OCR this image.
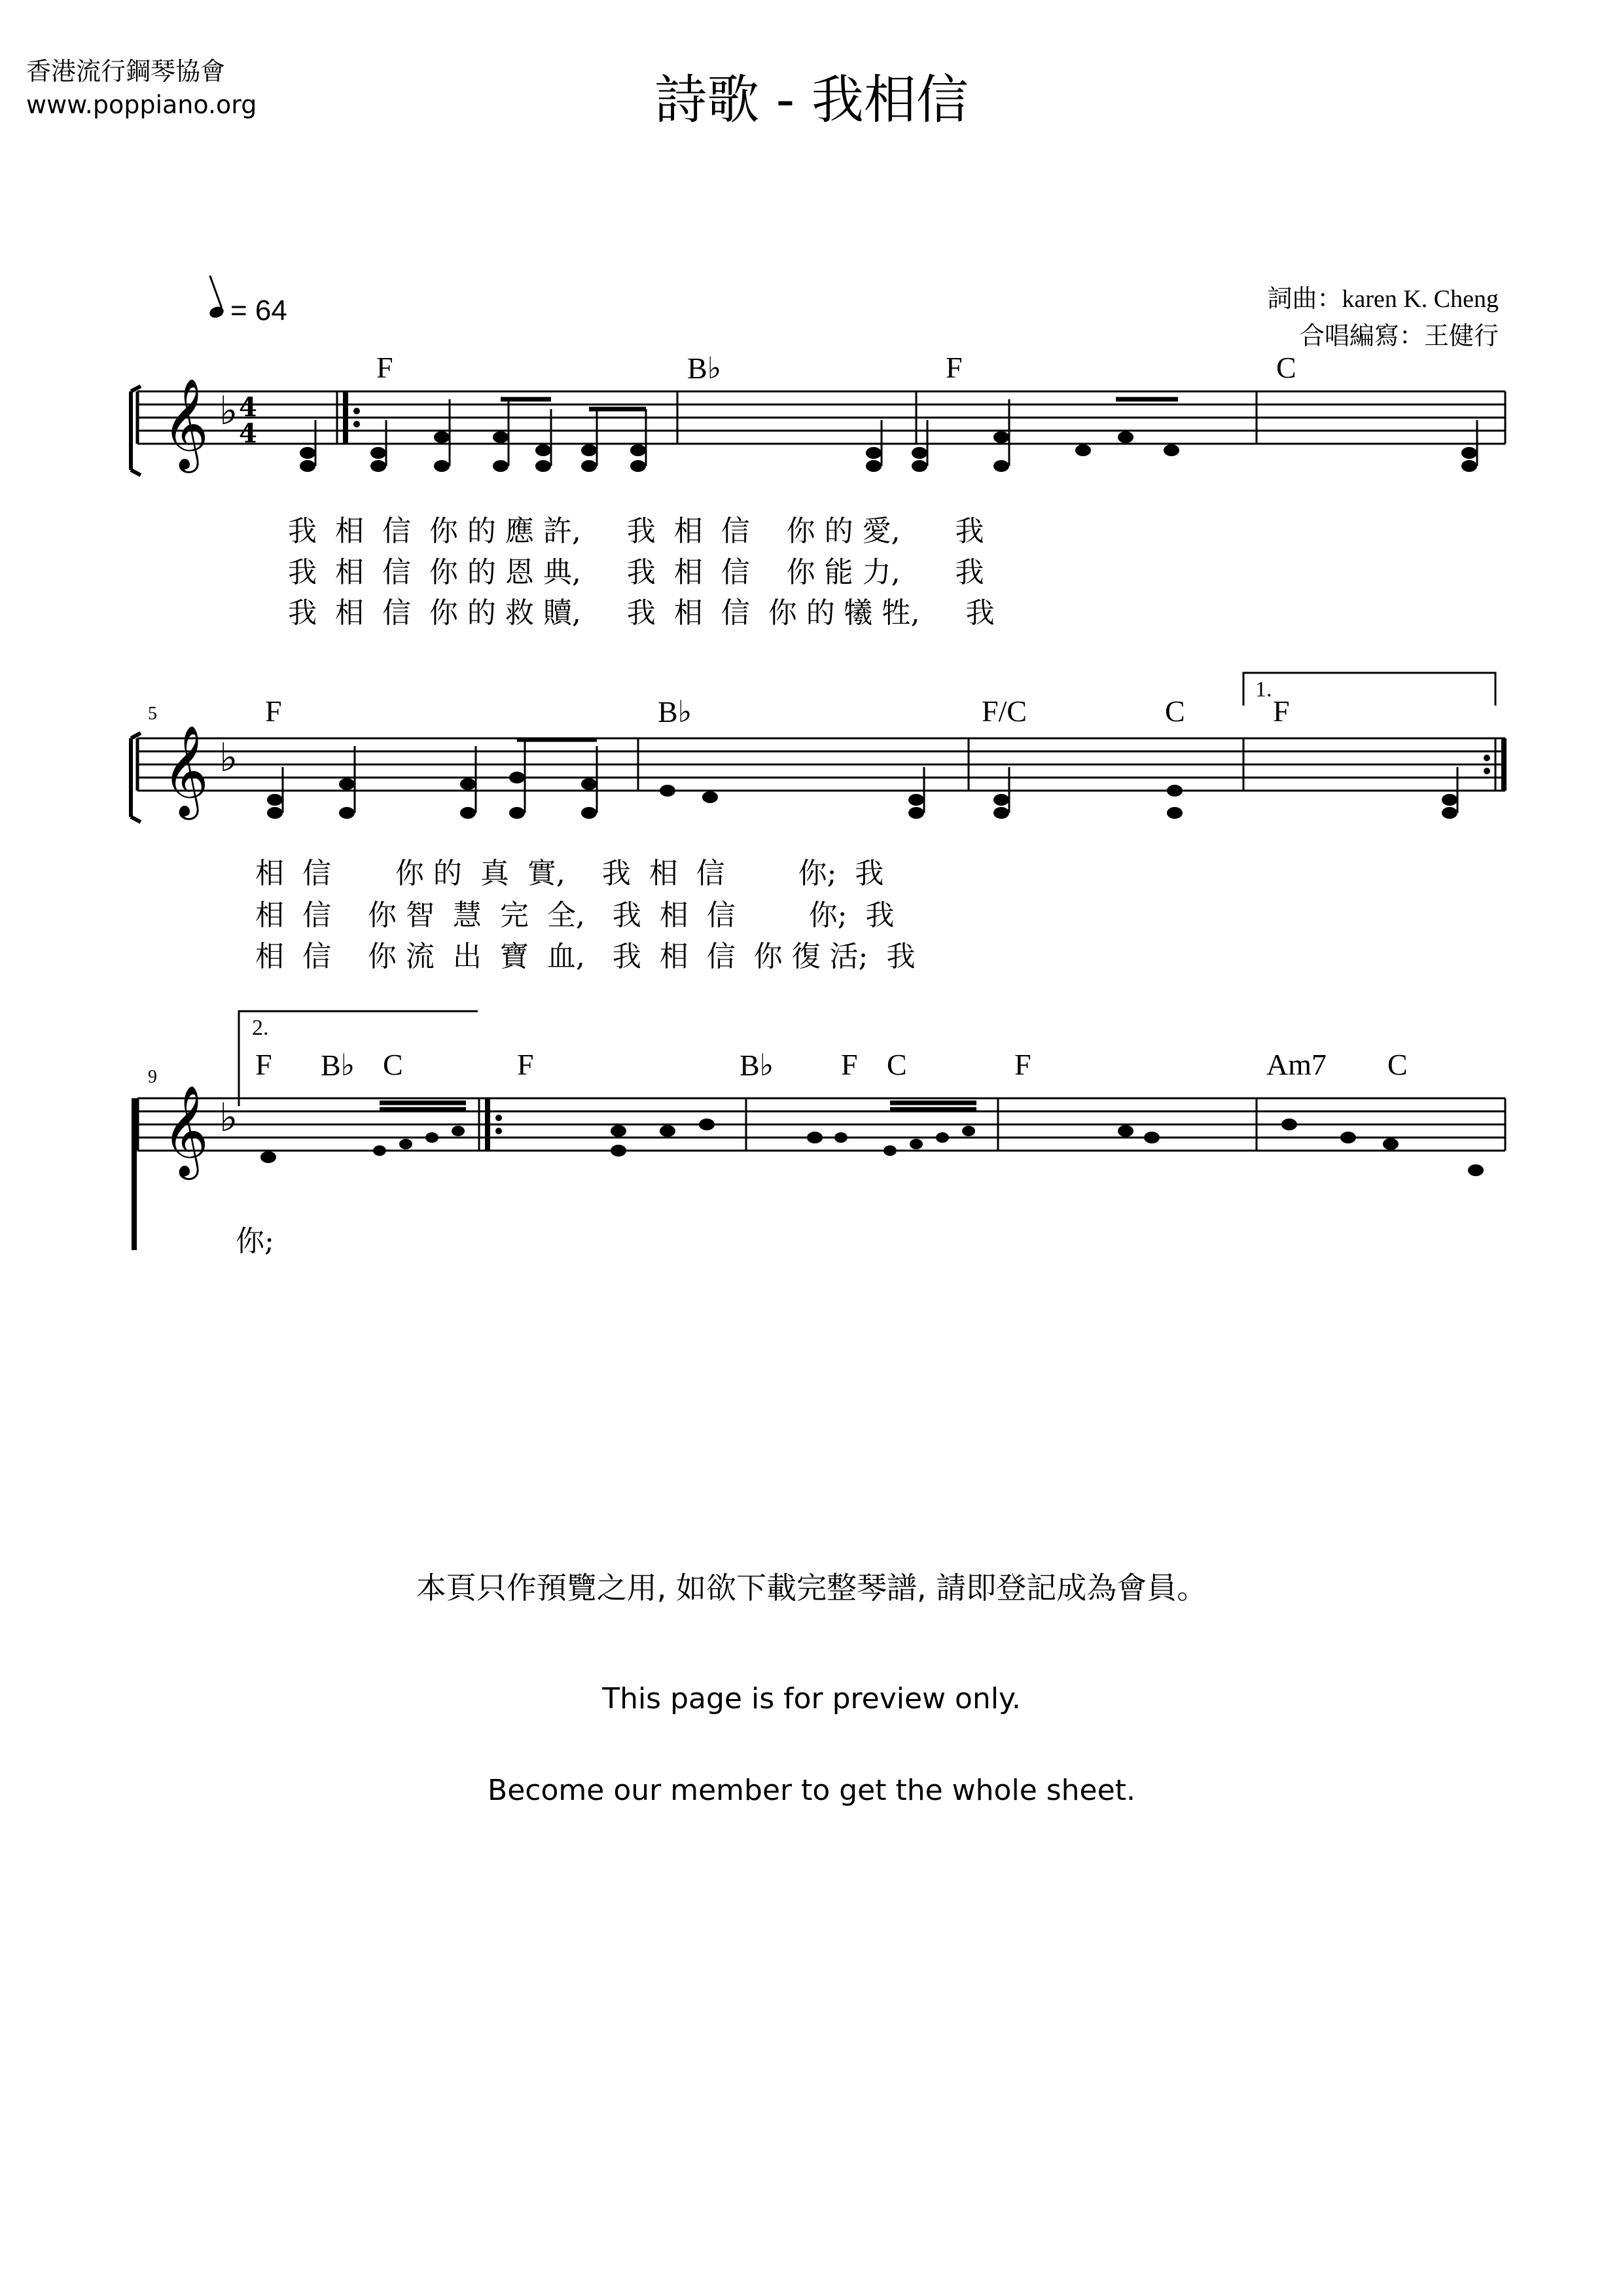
香港流行鋼琴協會
www.poppiano.org	詩歌 - 我相信
詞曲：karen K. Cheng
合唱編寫：王健行
= 64
𝄞 ♭ 4
4
𝄞 ♭
𝄞 ♭
F	B♭	F	C
我  相  信  你 的 應 許,     我  相  信    你 的 愛,      我
我  相  信  你 的 恩 典,     我  相  信    你 能 力,      我
我  相  信  你 的 救 贖,     我  相  信  你 的 犧 牲,     我
5	F	B♭	F/C	C
1.
F
相  信       你 的  真  實,    我  相  信        你;  我
相  信    你 智  慧  完  全,   我  相  信        你;  我
相  信    你 流  出  寶  血,   我  相  信  你 復 活;  我
9
2.
F B♭ C	F	B♭ F C	F	Am7 C
你;
本頁只作預覽之用, 如欲下載完整琴譜, 請即登記成為會員。
This page is for preview only.
Become our member to get the whole sheet.
